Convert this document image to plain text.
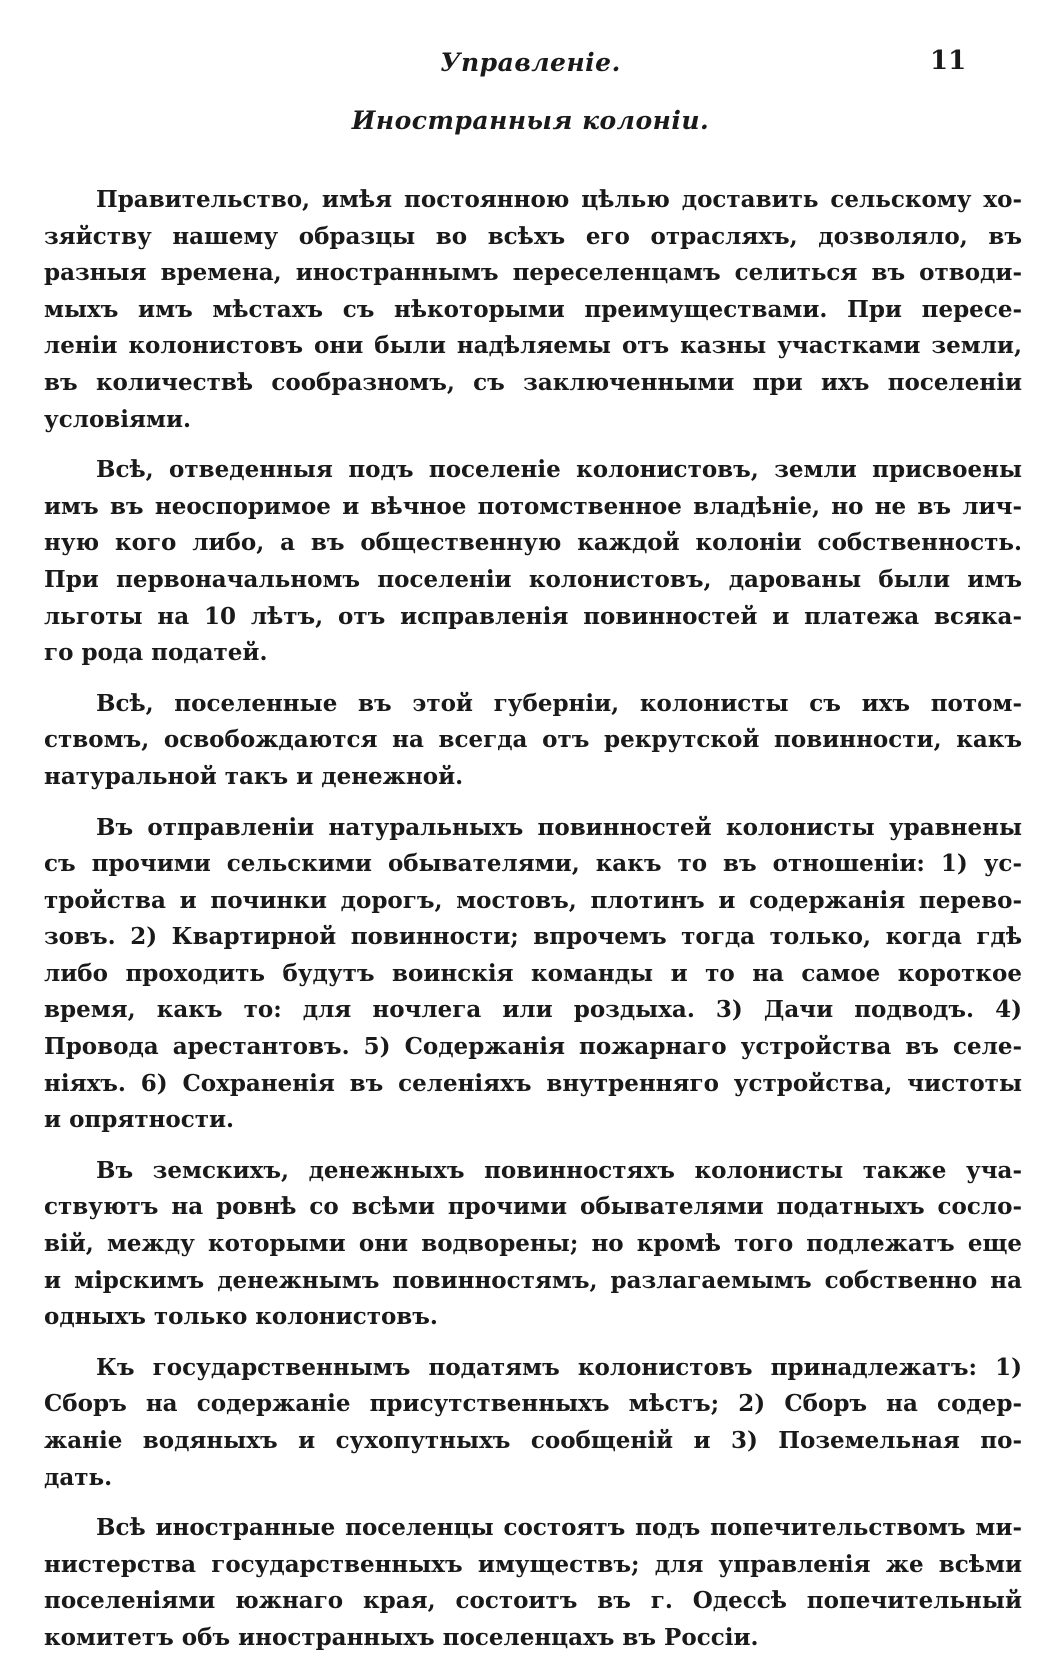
Управленіе.	11
Иностранныя колоніи.
Правительство, имѣя постоянною цѣлью доставить сельскому хо-
зяйству нашему образцы во всѣхъ его отрасляхъ, дозволяло, въ
разныя времена, иностраннымъ переселенцамъ селиться въ отводи-
мыхъ имъ мѣстахъ съ нѣкоторыми преимуществами. При пересе-
леніи колонистовъ они были надѣляемы отъ казны участками земли,
въ количествѣ сообразномъ, съ заключенными при ихъ поселеніи
условіями.
Всѣ, отведенныя подъ поселеніе колонистовъ, земли присвоены
имъ въ неоспоримое и вѣчное потомственное владѣніе, но не въ лич-
ную кого либо, а въ общественную каждой колоніи собственность.
При первоначальномъ поселеніи колонистовъ, дарованы были имъ
льготы на 10 лѣтъ, отъ исправленія повинностей и платежа всяка-
го рода податей.
Всѣ, поселенные въ этой губерніи, колонисты съ ихъ потом-
ствомъ, освобождаются на всегда отъ рекрутской повинности, какъ
натуральной такъ и денежной.
Въ отправленіи натуральныхъ повинностей колонисты уравнены
съ прочими сельскими обывателями, какъ то въ отношеніи: 1) ус-
тройства и починки дорогъ, мостовъ, плотинъ и содержанія перево-
зовъ. 2) Квартирной повинности; впрочемъ тогда только, когда гдѣ
либо проходить будутъ воинскія команды и то на самое короткое
время, какъ то: для ночлега или роздыха. 3) Дачи подводъ. 4)
Провода арестантовъ. 5) Содержанія пожарнаго устройства въ селе-
ніяхъ. 6) Сохраненія въ селеніяхъ внутренняго устройства, чистоты
и опрятности.
Въ земскихъ, денежныхъ повинностяхъ колонисты также уча-
ствуютъ на ровнѣ со всѣми прочими обывателями податныхъ сосло-
вій, между которыми они водворены; но кромѣ того подлежатъ еще
и мірскимъ денежнымъ повинностямъ, разлагаемымъ собственно на
одныхъ только колонистовъ.
Къ государственнымъ податямъ колонистовъ принадлежатъ: 1)
Сборъ на содержаніе присутственныхъ мѣстъ; 2) Сборъ на содер-
жаніе водяныхъ и сухопутныхъ сообщеній и 3) Поземельная по-
дать.
Всѣ иностранные поселенцы состоятъ подъ попечительствомъ ми-
нистерства государственныхъ имуществъ; для управленія же всѣми
поселеніями южнаго края, состоитъ въ г. Одессѣ попечительный
комитетъ объ иностранныхъ поселенцахъ въ Россіи.
